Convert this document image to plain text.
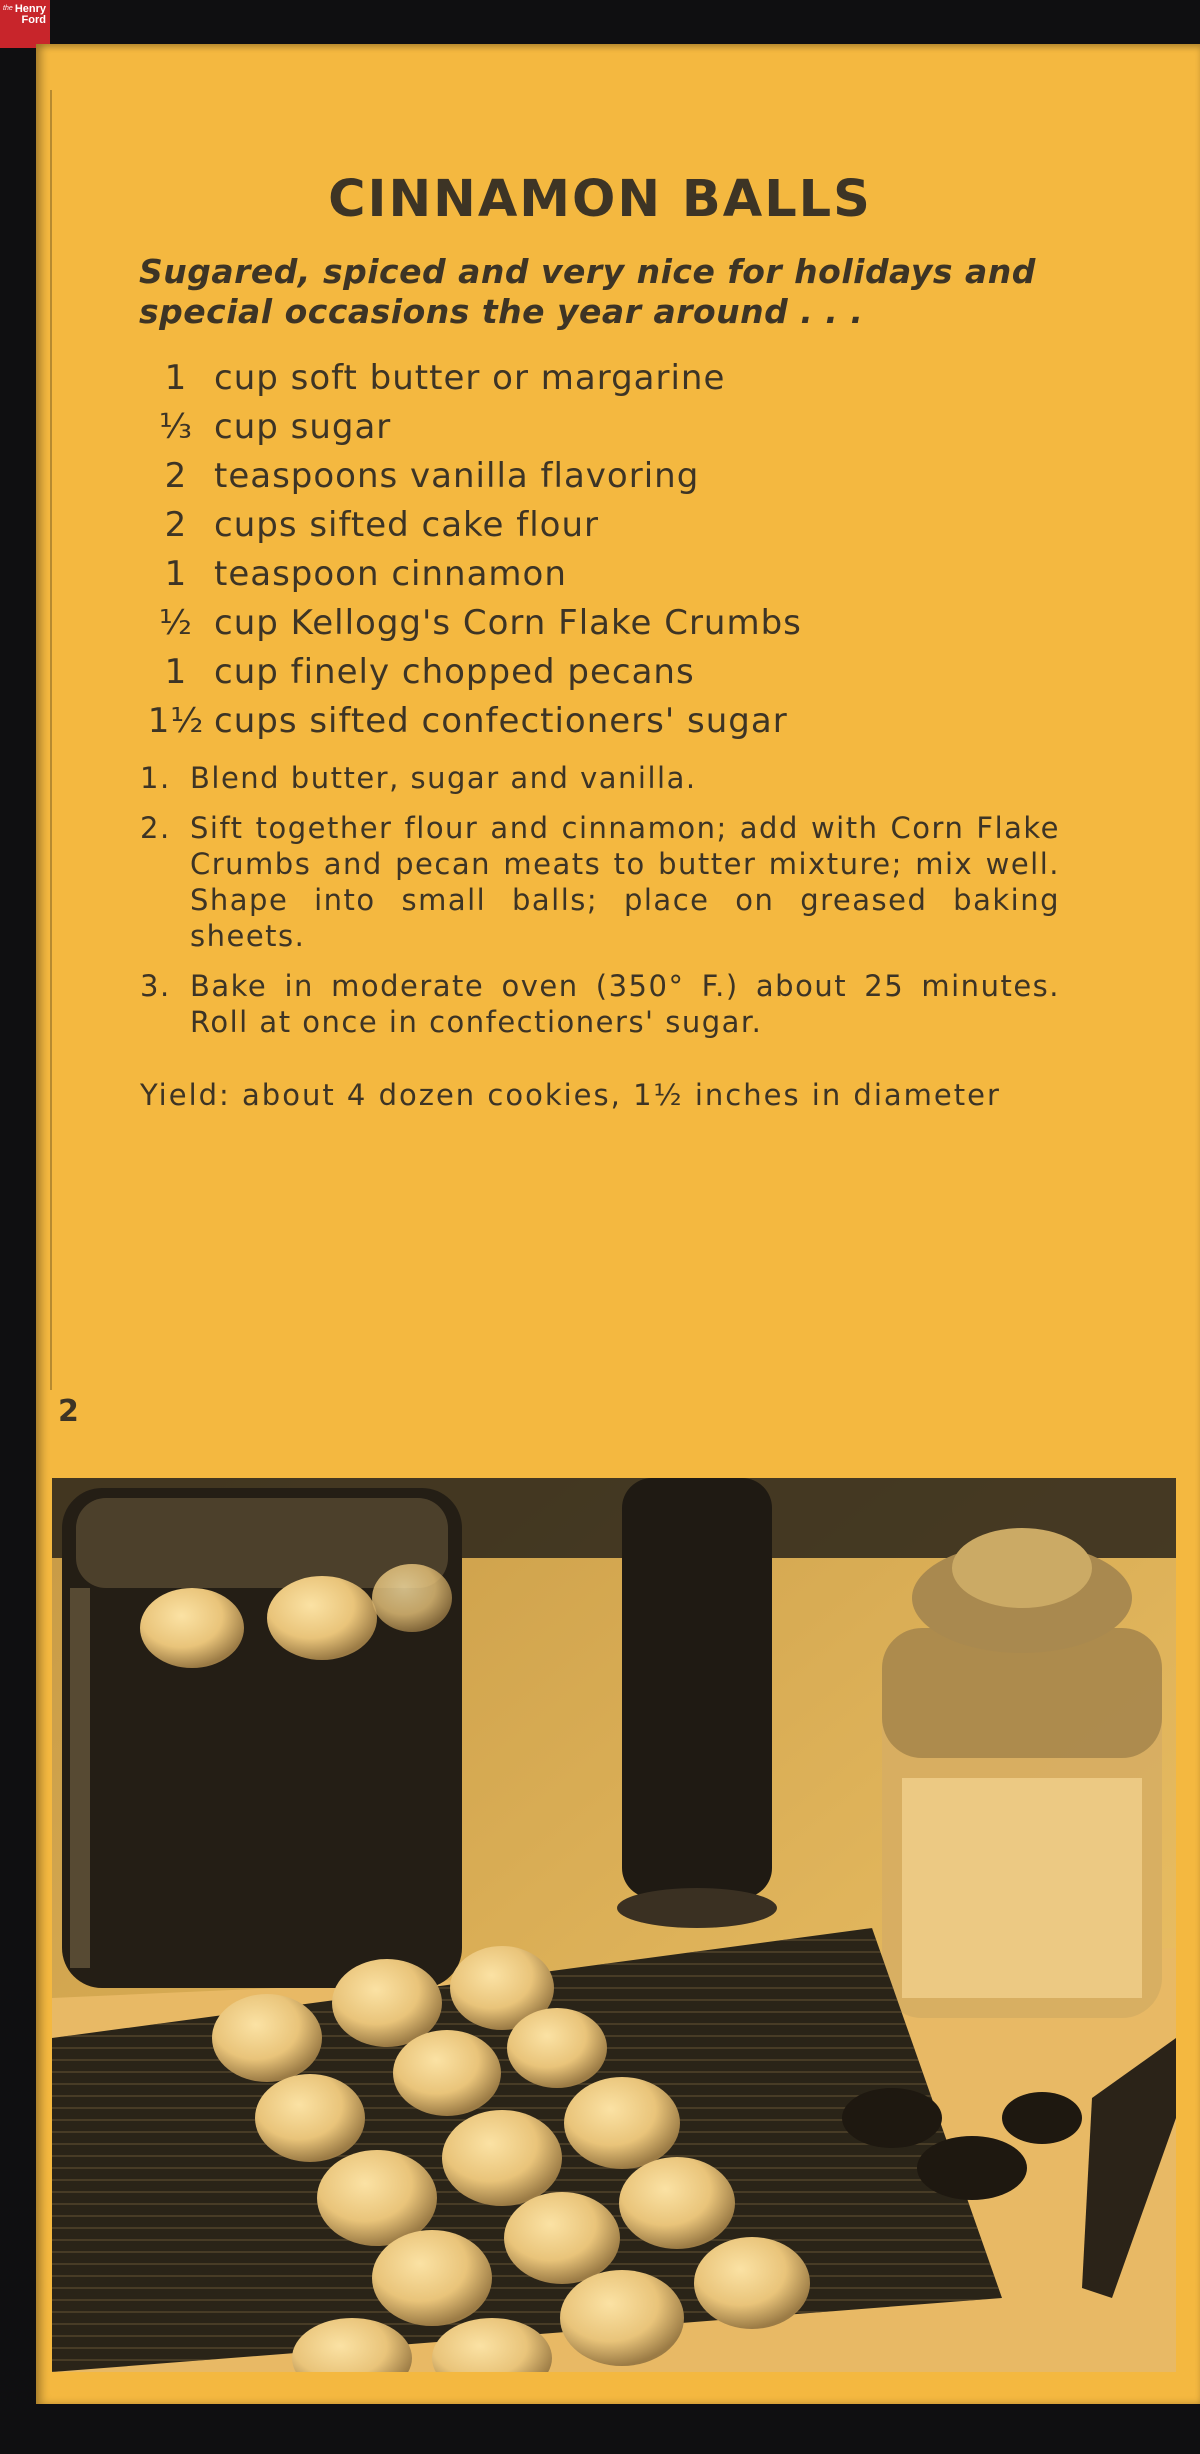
the Henry
Ford
CINNAMON BALLS
Sugared, spiced and very nice for holidays and special occasions the year around . . .
1 cup soft butter or margarine
⅓ cup sugar
2 teaspoons vanilla flavoring
2 cups sifted cake flour
1 teaspoon cinnamon
½ cup Kellogg's Corn Flake Crumbs
1 cup finely chopped pecans
1½ cups sifted confectioners' sugar
1. Blend butter, sugar and vanilla.
2. Sift together flour and cinnamon; add with Corn Flake Crumbs and pecan meats to butter mixture; mix well. Shape into small balls; place on greased baking sheets.
3. Bake in moderate oven (350° F.) about 25 minutes. Roll at once in confectioners' sugar.
Yield: about 4 dozen cookies, 1½ inches in diameter
2
